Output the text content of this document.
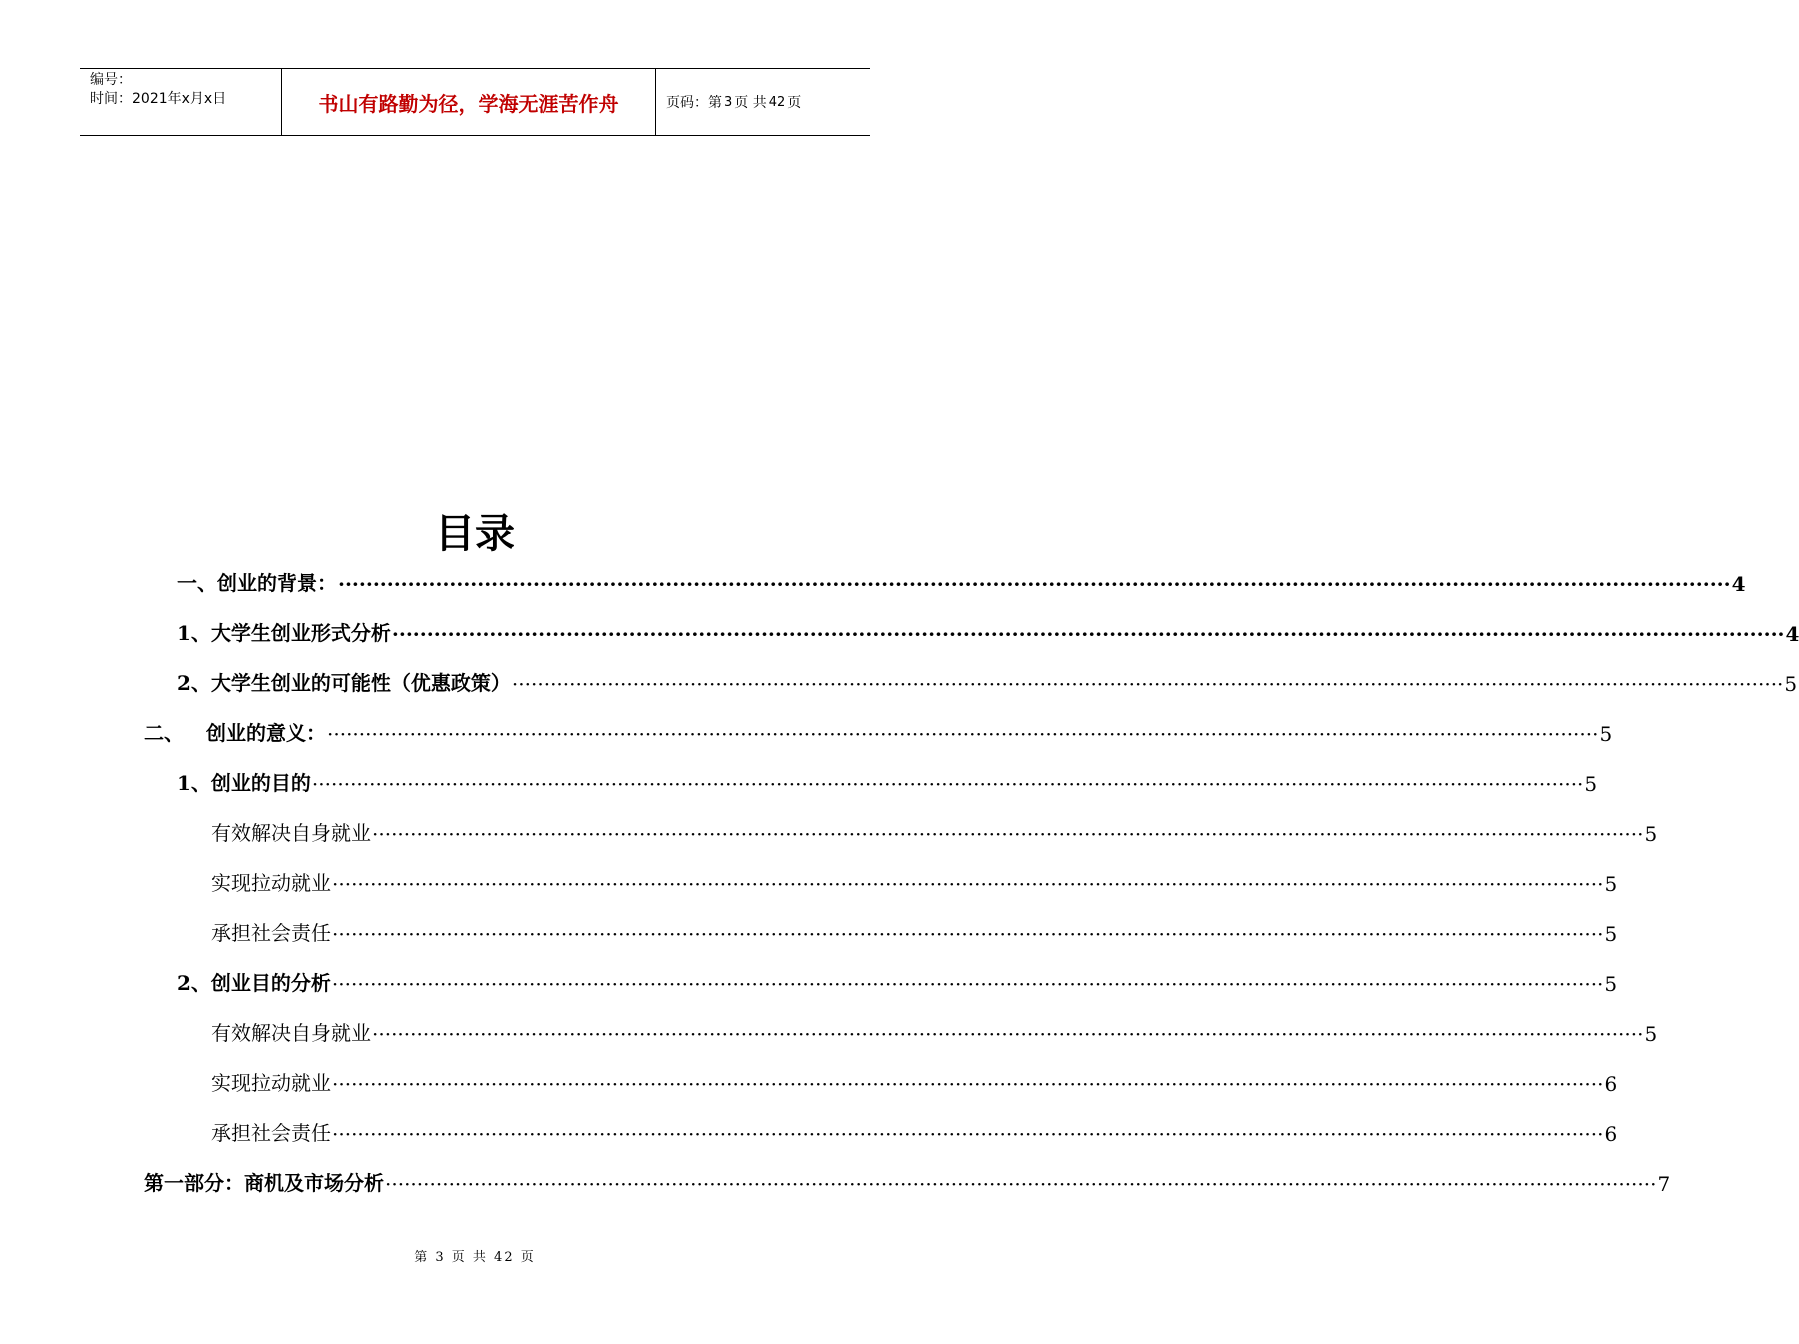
编号：
时间：2021年x月x日	书山有路勤为径，学海无涯苦作舟	页码：第 3 页 共 42 页
目录
一、创业的背景： ········································································································································································································ 4
1、大学生创业形式分析 ········································································································································································································ 4
2、大学生创业的可能性（优惠政策） ········································································································································································································ 5
二、 创业的意义： ········································································································································································································ 5
1、创业的目的 ········································································································································································································ 5
有效解决自身就业 ········································································································································································································ 5
实现拉动就业 ········································································································································································································ 5
承担社会责任 ········································································································································································································ 5
2、创业目的分析 ········································································································································································································ 5
有效解决自身就业 ········································································································································································································ 5
实现拉动就业 ········································································································································································································ 6
承担社会责任 ········································································································································································································ 6
第一部分：商机及市场分析 ········································································································································································································ 7
第 3 页 共 42 页
